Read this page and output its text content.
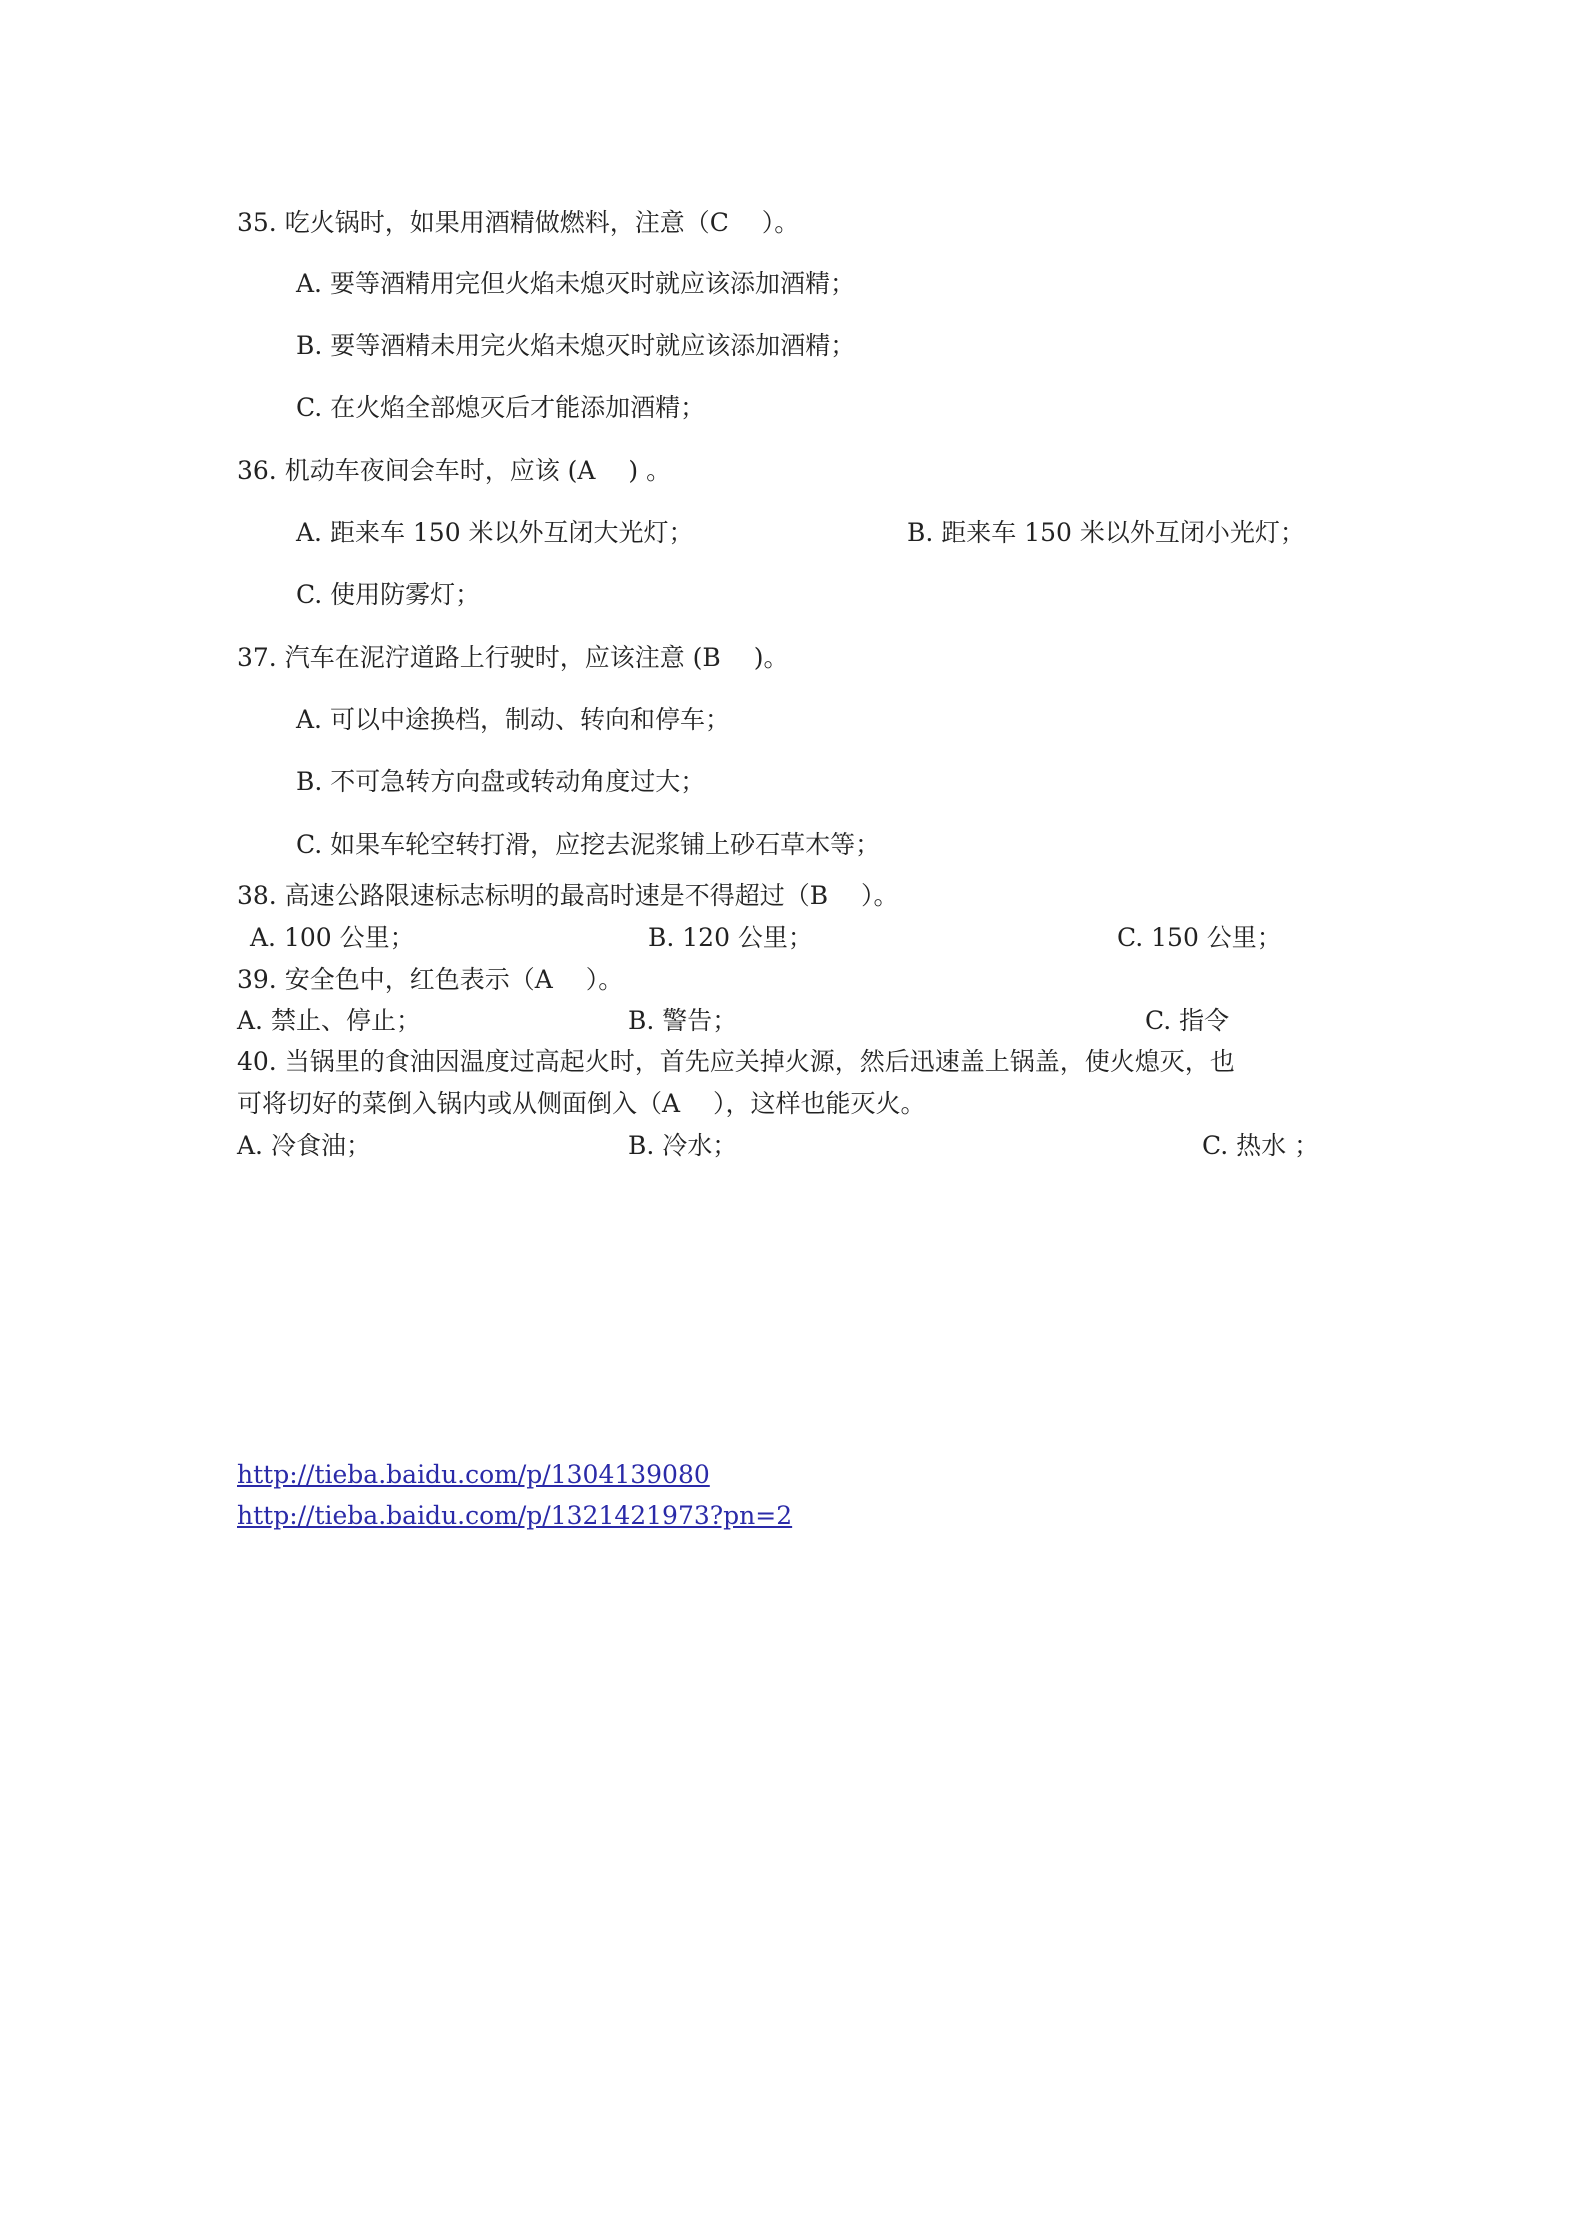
35. 吃火锅时，如果用酒精做燃料，注意（C　 ）。
A. 要等酒精用完但火焰未熄灭时就应该添加酒精；
B. 要等酒精未用完火焰未熄灭时就应该添加酒精；
C. 在火焰全部熄灭后才能添加酒精；
36. 机动车夜间会车时，应该 (A　 ) 。
A. 距来车 150 米以外互闭大光灯；	B. 距来车 150 米以外互闭小光灯；
C. 使用防雾灯；
37. 汽车在泥泞道路上行驶时，应该注意 (B　 )。
A. 可以中途换档，制动、转向和停车；
B. 不可急转方向盘或转动角度过大；
C. 如果车轮空转打滑，应挖去泥浆铺上砂石草木等；
38. 高速公路限速标志标明的最高时速是不得超过（B　 ）。
A. 100 公里；	B. 120 公里；	C. 150 公里；
39. 安全色中，红色表示（A　 ）。
A. 禁止、停止；	B. 警告；	C. 指令
40. 当锅里的食油因温度过高起火时，首先应关掉火源，然后迅速盖上锅盖，使火熄灭，也
可将切好的菜倒入锅内或从侧面倒入（A　 ），这样也能灭火。
A. 冷食油；	B. 冷水；	C. 热水 ；
http://tieba.baidu.com/p/1304139080
http://tieba.baidu.com/p/1321421973?pn=2
